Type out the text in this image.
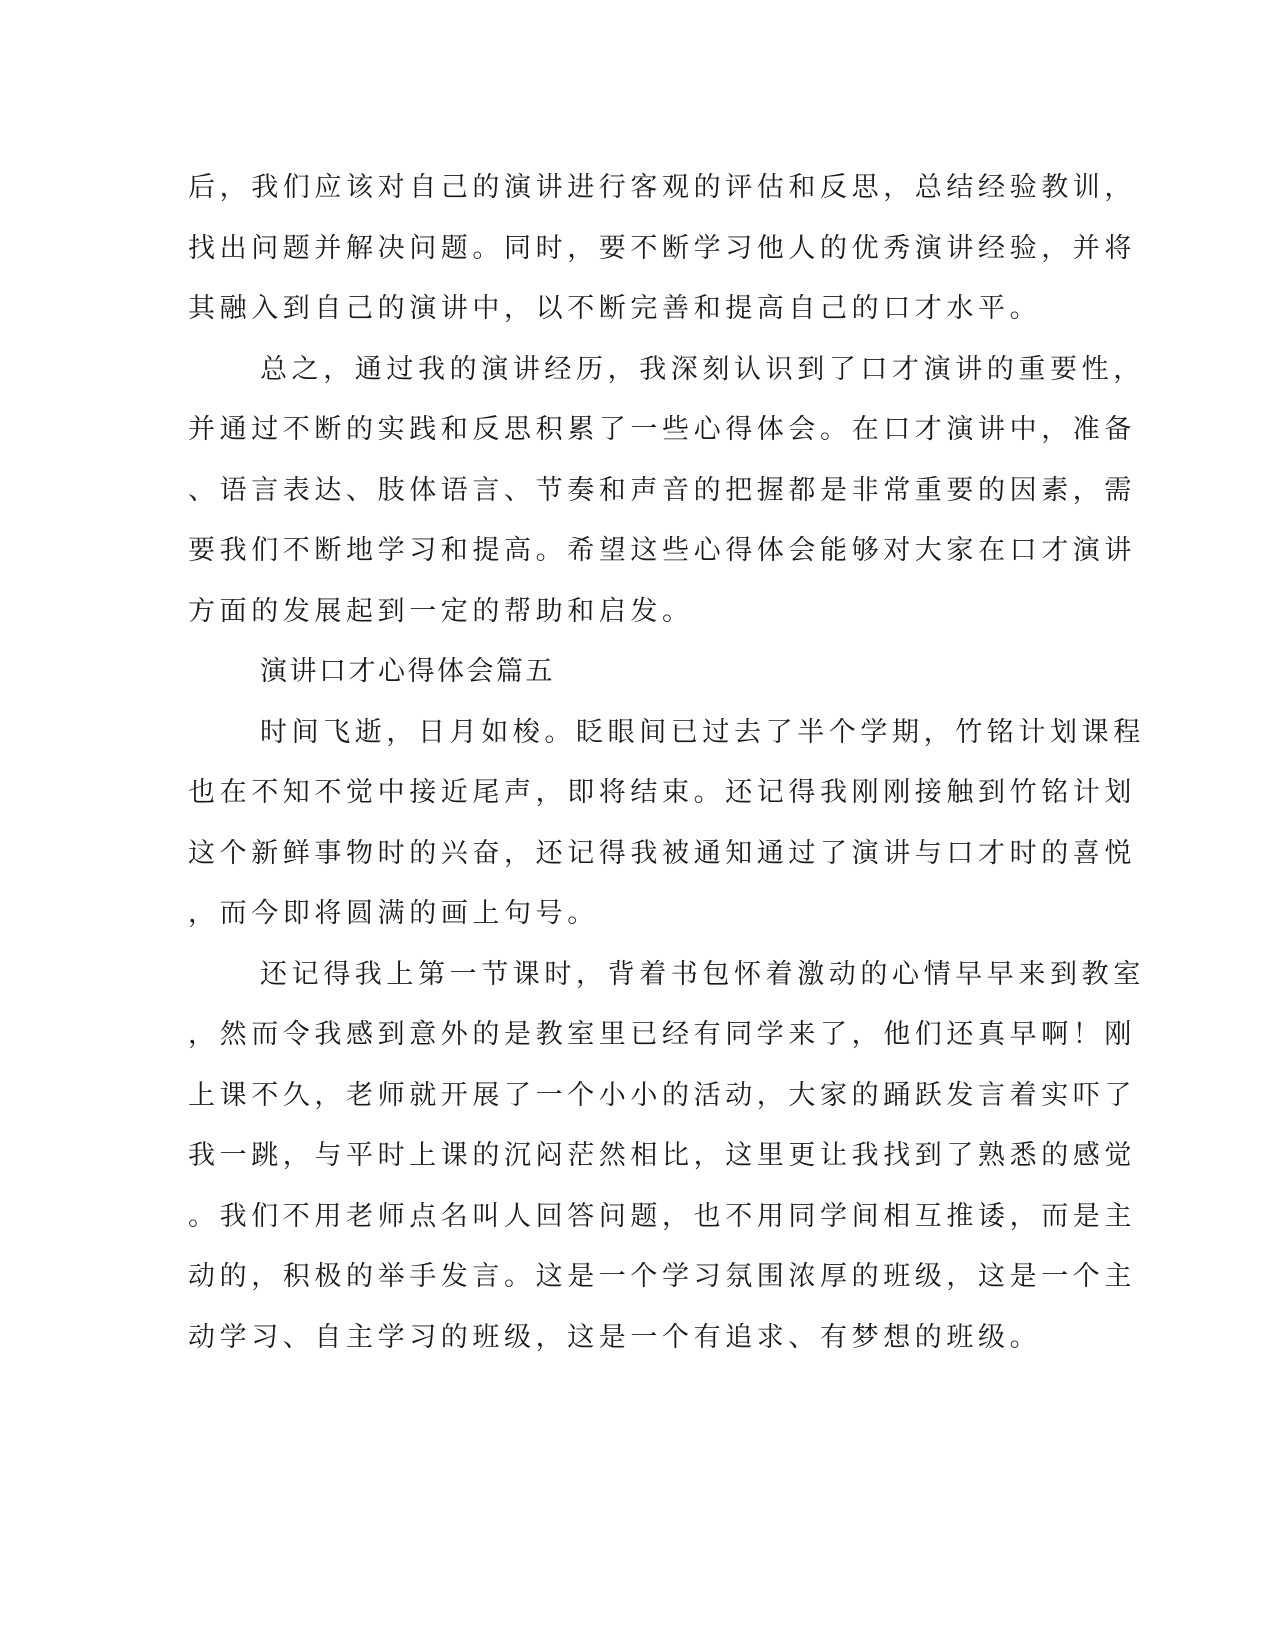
后，我们应该对自己的演讲进行客观的评估和反思，总结经验教训，
找出问题并解决问题。同时，要不断学习他人的优秀演讲经验，并将
其融入到自己的演讲中，以不断完善和提高自己的口才水平。
总之，通过我的演讲经历，我深刻认识到了口才演讲的重要性，
并通过不断的实践和反思积累了一些心得体会。在口才演讲中，准备
、语言表达、肢体语言、节奏和声音的把握都是非常重要的因素，需
要我们不断地学习和提高。希望这些心得体会能够对大家在口才演讲
方面的发展起到一定的帮助和启发。
演讲口才心得体会篇五
时间飞逝，日月如梭。眨眼间已过去了半个学期，竹铭计划课程
也在不知不觉中接近尾声，即将结束。还记得我刚刚接触到竹铭计划
这个新鲜事物时的兴奋，还记得我被通知通过了演讲与口才时的喜悦
，而今即将圆满的画上句号。
还记得我上第一节课时，背着书包怀着激动的心情早早来到教室
，然而令我感到意外的是教室里已经有同学来了，他们还真早啊！刚
上课不久，老师就开展了一个小小的活动，大家的踊跃发言着实吓了
我一跳，与平时上课的沉闷茫然相比，这里更让我找到了熟悉的感觉
。我们不用老师点名叫人回答问题，也不用同学间相互推诿，而是主
动的，积极的举手发言。这是一个学习氛围浓厚的班级，这是一个主
动学习、自主学习的班级，这是一个有追求、有梦想的班级。
